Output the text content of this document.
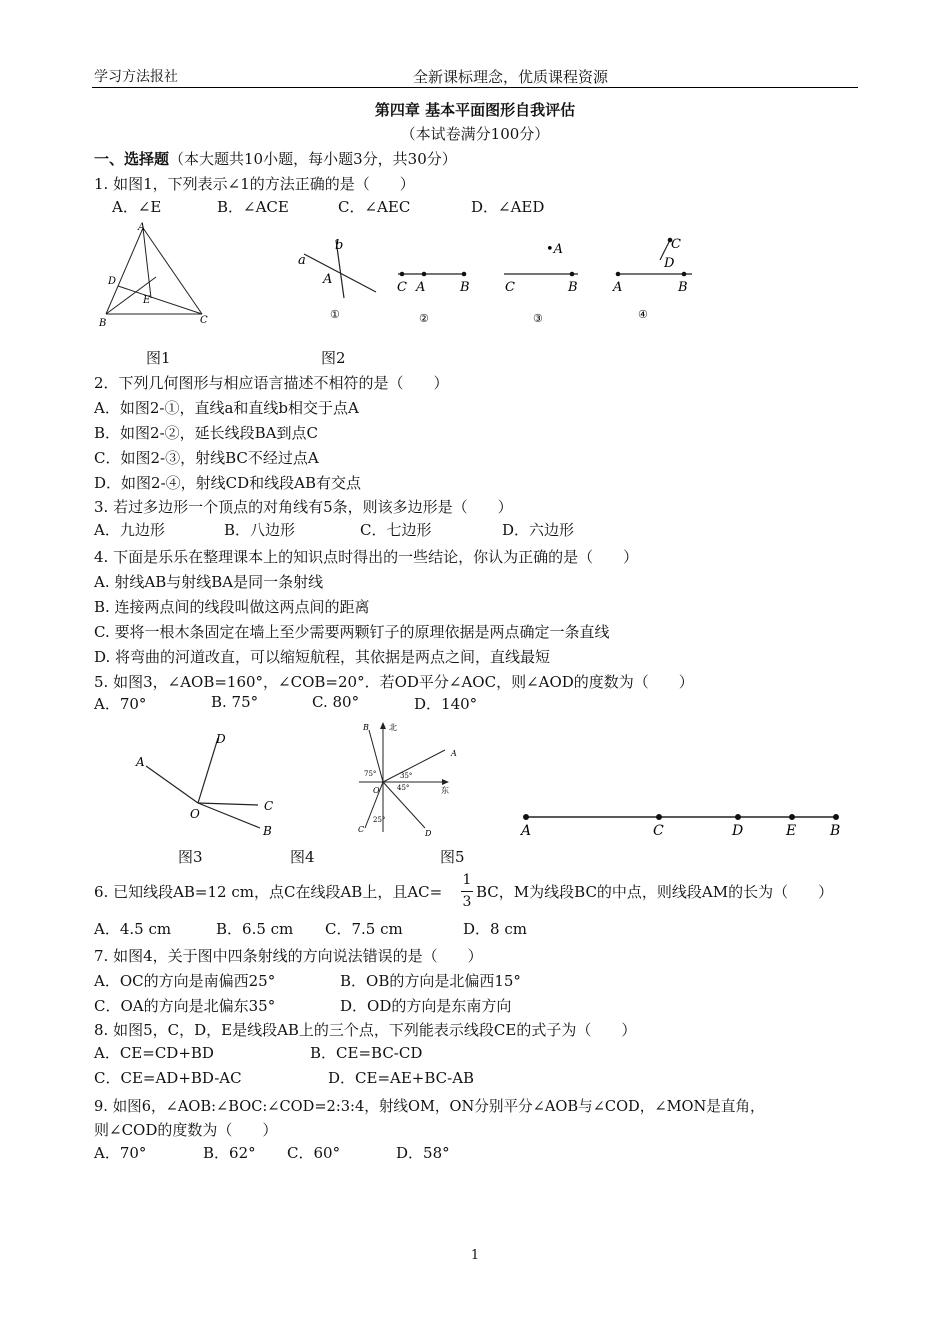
学习方法报社	全新课标理念，优质课程资源
第四章 基本平面图形自我评估
（本试卷满分100分）
一、选择题（本大题共10小题，每小题3分，共30分）
1. 如图1，下列表示∠1的方法正确的是（　　）
A．∠E	B．∠ACE	C．∠AEC	D．∠AED
A
D
E
B	C
a
b
A
①
C A	B
②
•A
C	B
③
C
D
A	B
④
图1	图2
2．下列几何图形与相应语言描述不相符的是（　　）
A．如图2-①，直线a和直线b相交于点A
B．如图2-②，延长线段BA到点C
C．如图2-③，射线BC不经过点A
D．如图2-④，射线CD和线段AB有交点
3. 若过多边形一个顶点的对角线有5条，则该多边形是（　　）
A．九边形	B．八边形	C．七边形	D．六边形
4. 下面是乐乐在整理课本上的知识点时得出的一些结论，你认为正确的是（　　）
A. 射线AB与射线BA是同一条射线
B. 连接两点间的线段叫做这两点间的距离
C. 要将一根木条固定在墙上至少需要两颗钉子的原理依据是两点确定一条直线
D. 将弯曲的河道改直，可以缩短航程，其依据是两点之间，直线最短
5. 如图3，∠AOB=160°，∠COB=20°．若OD平分∠AOC，则∠AOD的度数为（　　）
A．70°	B. 75°	C. 80°	D．140°
A
D
C
O
B
北
东
B
A
O
C	D
75°	35°
45°
25°
A	C	D	E B
图3	图4	图5
6. 已知线段AB=12 cm，点C在线段AB上，且AC=
1
3
BC，M为线段BC的中点，则线段AM的长为（　　）
A．4.5 cm	B．6.5 cm C．7.5 cm	D．8 cm
7. 如图4，关于图中四条射线的方向说法错误的是（　　）
A．OC的方向是南偏西25°	B．OB的方向是北偏西15°
C．OA的方向是北偏东35°	D．OD的方向是东南方向
8. 如图5，C，D，E是线段AB上的三个点，下列能表示线段CE的式子为（　　）
A．CE=CD+BD	B．CE=BC-CD
C．CE=AD+BD-AC	D．CE=AE+BC-AB
9. 如图6，∠AOB:∠BOC:∠COD=2:3:4，射线OM，ON分别平分∠AOB与∠COD，∠MON是直角，
则∠COD的度数为（　　）
A．70°	B．62° C．60°	D．58°
1
